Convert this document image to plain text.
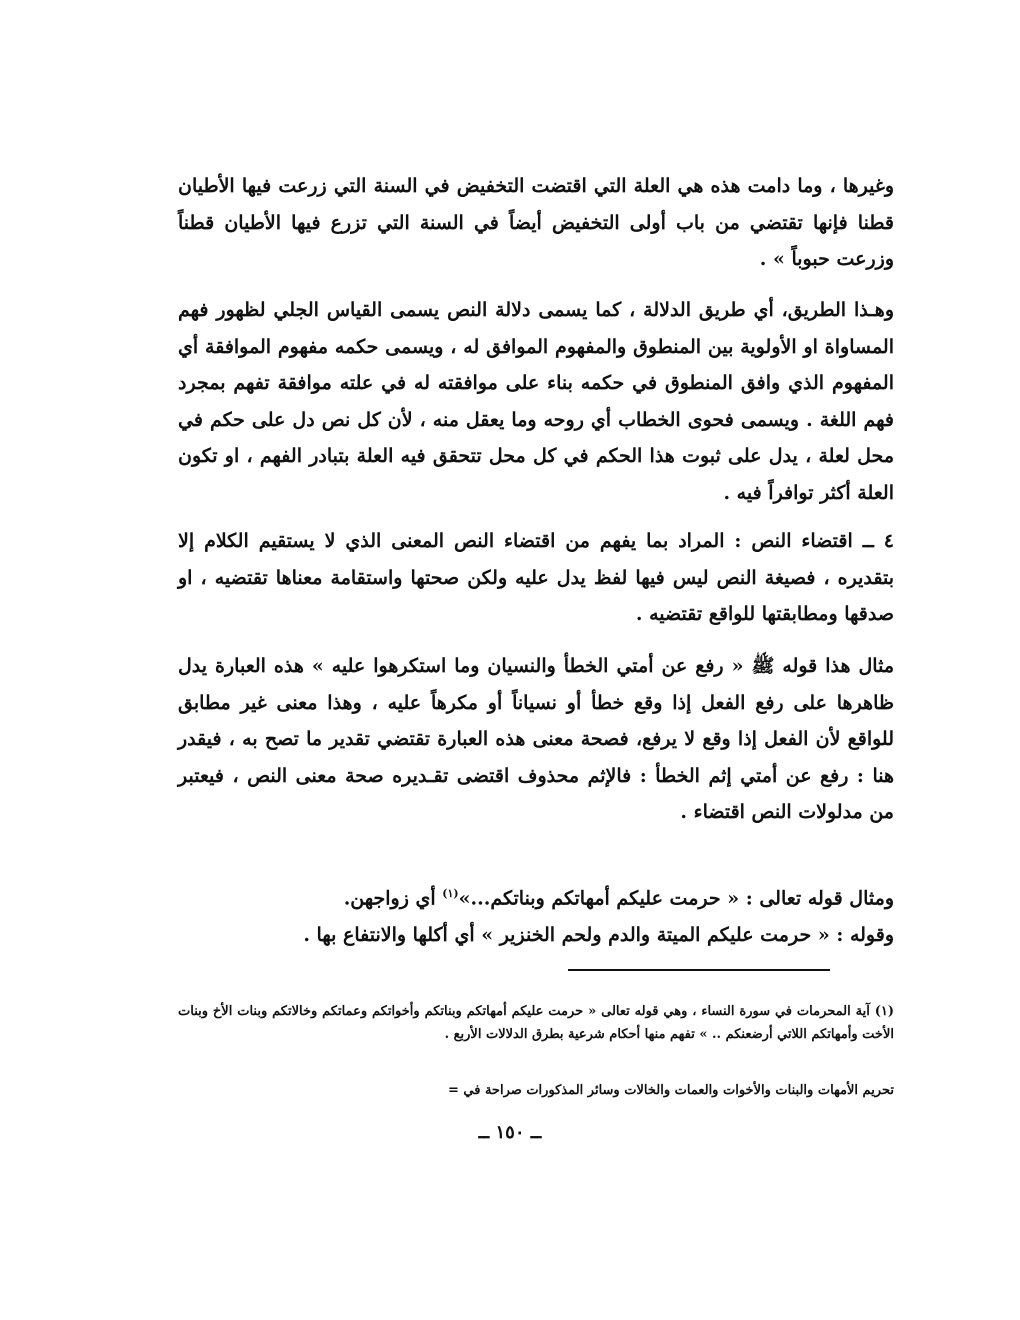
وغيرها ، وما دامت هذه هي العلة التي اقتضت التخفيض في السنة التي زرعت فيها الأطيان قطنا فإنها تقتضي من باب أولى التخفيض أيضاً في السنة التي تزرع فيها الأطيان قطناً وزرعت حبوباً » .

وهـذا الطريق، أي طريق الدلالة ، كما يسمى دلالة النص يسمى القياس الجلي لظهور فهم المساواة او الأولوية بين المنطوق والمفهوم الموافق له ، ويسمى حكمه مفهوم الموافقة أي المفهوم الذي وافق المنطوق في حكمه بناء على موافقته له في علته موافقة تفهم بمجرد فهم اللغة . ويسمى فحوى الخطاب أي روحه وما يعقل منه ، لأن كل نص دل على حكم في محل لعلة ، يدل على ثبوت هذا الحكم في كل محل تتحقق فيه العلة بتبادر الفهم ، او تكون العلة أكثر توافراً فيه .

٤ ــ اقتضاء النص : المراد بما يفهم من اقتضاء النص المعنى الذي لا يستقيم الكلام إلا بتقديره ، فصيغة النص ليس فيها لفظ يدل عليه ولكن صحتها واستقامة معناها تقتضيه ، او صدقها ومطابقتها للواقع تقتضيه .

مثال هذا قوله ﷺ « رفع عن أمتي الخطأ والنسيان وما استكرهوا عليه » هذه العبارة يدل ظاهرها على رفع الفعل إذا وقع خطأ أو نسياناً أو مكرهاً عليه ، وهذا معنى غير مطابق للواقع لأن الفعل إذا وقع لا يرفع، فصحة معنى هذه العبارة تقتضي تقدير ما تصح به ، فيقدر هنا : رفع عن أمتي إثم الخطأ : فالإثم محذوف اقتضى تقـديره صحة معنى النص ، فيعتبر من مدلولات النص اقتضاء .

ومثال قوله تعالى : « حرمت عليكم أمهاتكم وبناتكم...»$^{(١)}$ أي زواجهن.
وقوله : « حرمت عليكم الميتة والدم ولحم الخنزير » أي أكلها والانتفاع بها .

(١) آية المحرمات في سورة النساء ، وهي قوله تعالى « حرمت عليكم أمهاتكم وبناتكم وأخواتكم وعماتكم وخالاتكم وبنات الأخ وبنات الأخت وأمهاتكم اللاتي أرضعنكم .. » تفهم منها أحكام شرعية بطرق الدلالات الأربع .

تحريم الأمهات والبنات والأخوات والعمات والخالات وسائر المذكورات صراحة في =

ــ ١٥٠ ــ
